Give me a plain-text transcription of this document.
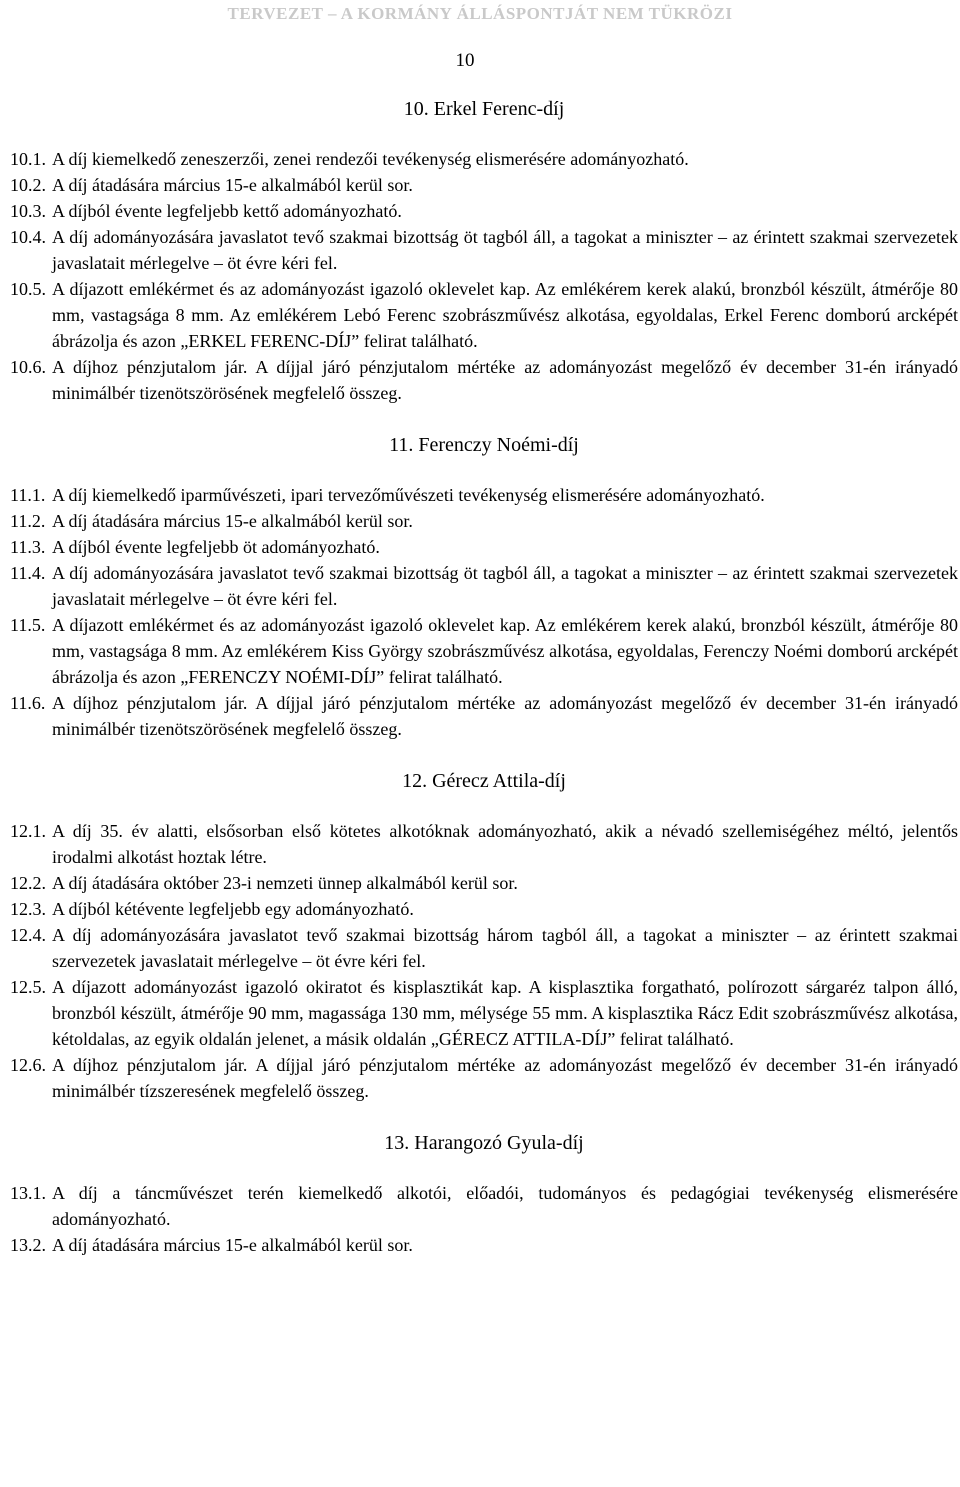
TERVEZET – A KORMÁNY ÁLLÁSPONTJÁT NEM TÜKRÖZI
10
10. Erkel Ferenc-díj
10.1. A díj kiemelkedő zeneszerzői, zenei rendezői tevékenység elismerésére adományozható.
10.2. A díj átadására március 15-e alkalmából kerül sor.
10.3. A díjból évente legfeljebb kettő adományozható.
10.4. A díj adományozására javaslatot tevő szakmai bizottság öt tagból áll, a tagokat a miniszter – az érintett szakmai szervezetek javaslatait mérlegelve – öt évre kéri fel.
10.5. A díjazott emlékérmet és az adományozást igazoló oklevelet kap. Az emlékérem kerek alakú, bronzból készült, átmérője 80 mm, vastagsága 8 mm. Az emlékérem Lebó Ferenc szobrászművész alkotása, egyoldalas, Erkel Ferenc domború arcképét ábrázolja és azon „ERKEL FERENC-DÍJ” felirat található.
10.6. A díjhoz pénzjutalom jár. A díjjal járó pénzjutalom mértéke az adományozást megelőző év december 31-én irányadó minimálbér tizenötszörösének megfelelő összeg.
11. Ferenczy Noémi-díj
11.1. A díj kiemelkedő iparművészeti, ipari tervezőművészeti tevékenység elismerésére adományozható.
11.2. A díj átadására március 15-e alkalmából kerül sor.
11.3. A díjból évente legfeljebb öt adományozható.
11.4. A díj adományozására javaslatot tevő szakmai bizottság öt tagból áll, a tagokat a miniszter – az érintett szakmai szervezetek javaslatait mérlegelve – öt évre kéri fel.
11.5. A díjazott emlékérmet és az adományozást igazoló oklevelet kap. Az emlékérem kerek alakú, bronzból készült, átmérője 80 mm, vastagsága 8 mm. Az emlékérem Kiss György szobrászművész alkotása, egyoldalas, Ferenczy Noémi domború arcképét ábrázolja és azon „FERENCZY NOÉMI-DÍJ” felirat található.
11.6. A díjhoz pénzjutalom jár. A díjjal járó pénzjutalom mértéke az adományozást megelőző év december 31-én irányadó minimálbér tizenötszörösének megfelelő összeg.
12. Gérecz Attila-díj
12.1. A díj 35. év alatti, elsősorban első kötetes alkotóknak adományozható, akik a névadó szellemiségéhez méltó, jelentős irodalmi alkotást hoztak létre.
12.2. A díj átadására október 23-i nemzeti ünnep alkalmából kerül sor.
12.3. A díjból kétévente legfeljebb egy adományozható.
12.4. A díj adományozására javaslatot tevő szakmai bizottság három tagból áll, a tagokat a miniszter – az érintett szakmai szervezetek javaslatait mérlegelve – öt évre kéri fel.
12.5. A díjazott adományozást igazoló okiratot és kisplasztikát kap. A kisplasztika forgatható, polírozott sárgaréz talpon álló, bronzból készült, átmérője 90 mm, magassága 130 mm, mélysége 55 mm. A kisplasztika Rácz Edit szobrászművész alkotása, kétoldalas, az egyik oldalán jelenet, a másik oldalán „GÉRECZ ATTILA-DÍJ” felirat található.
12.6. A díjhoz pénzjutalom jár. A díjjal járó pénzjutalom mértéke az adományozást megelőző év december 31-én irányadó minimálbér tízszeresének megfelelő összeg.
13. Harangozó Gyula-díj
13.1. A díj a táncművészet terén kiemelkedő alkotói, előadói, tudományos és pedagógiai tevékenység elismerésére adományozható.
13.2. A díj átadására március 15-e alkalmából kerül sor.
